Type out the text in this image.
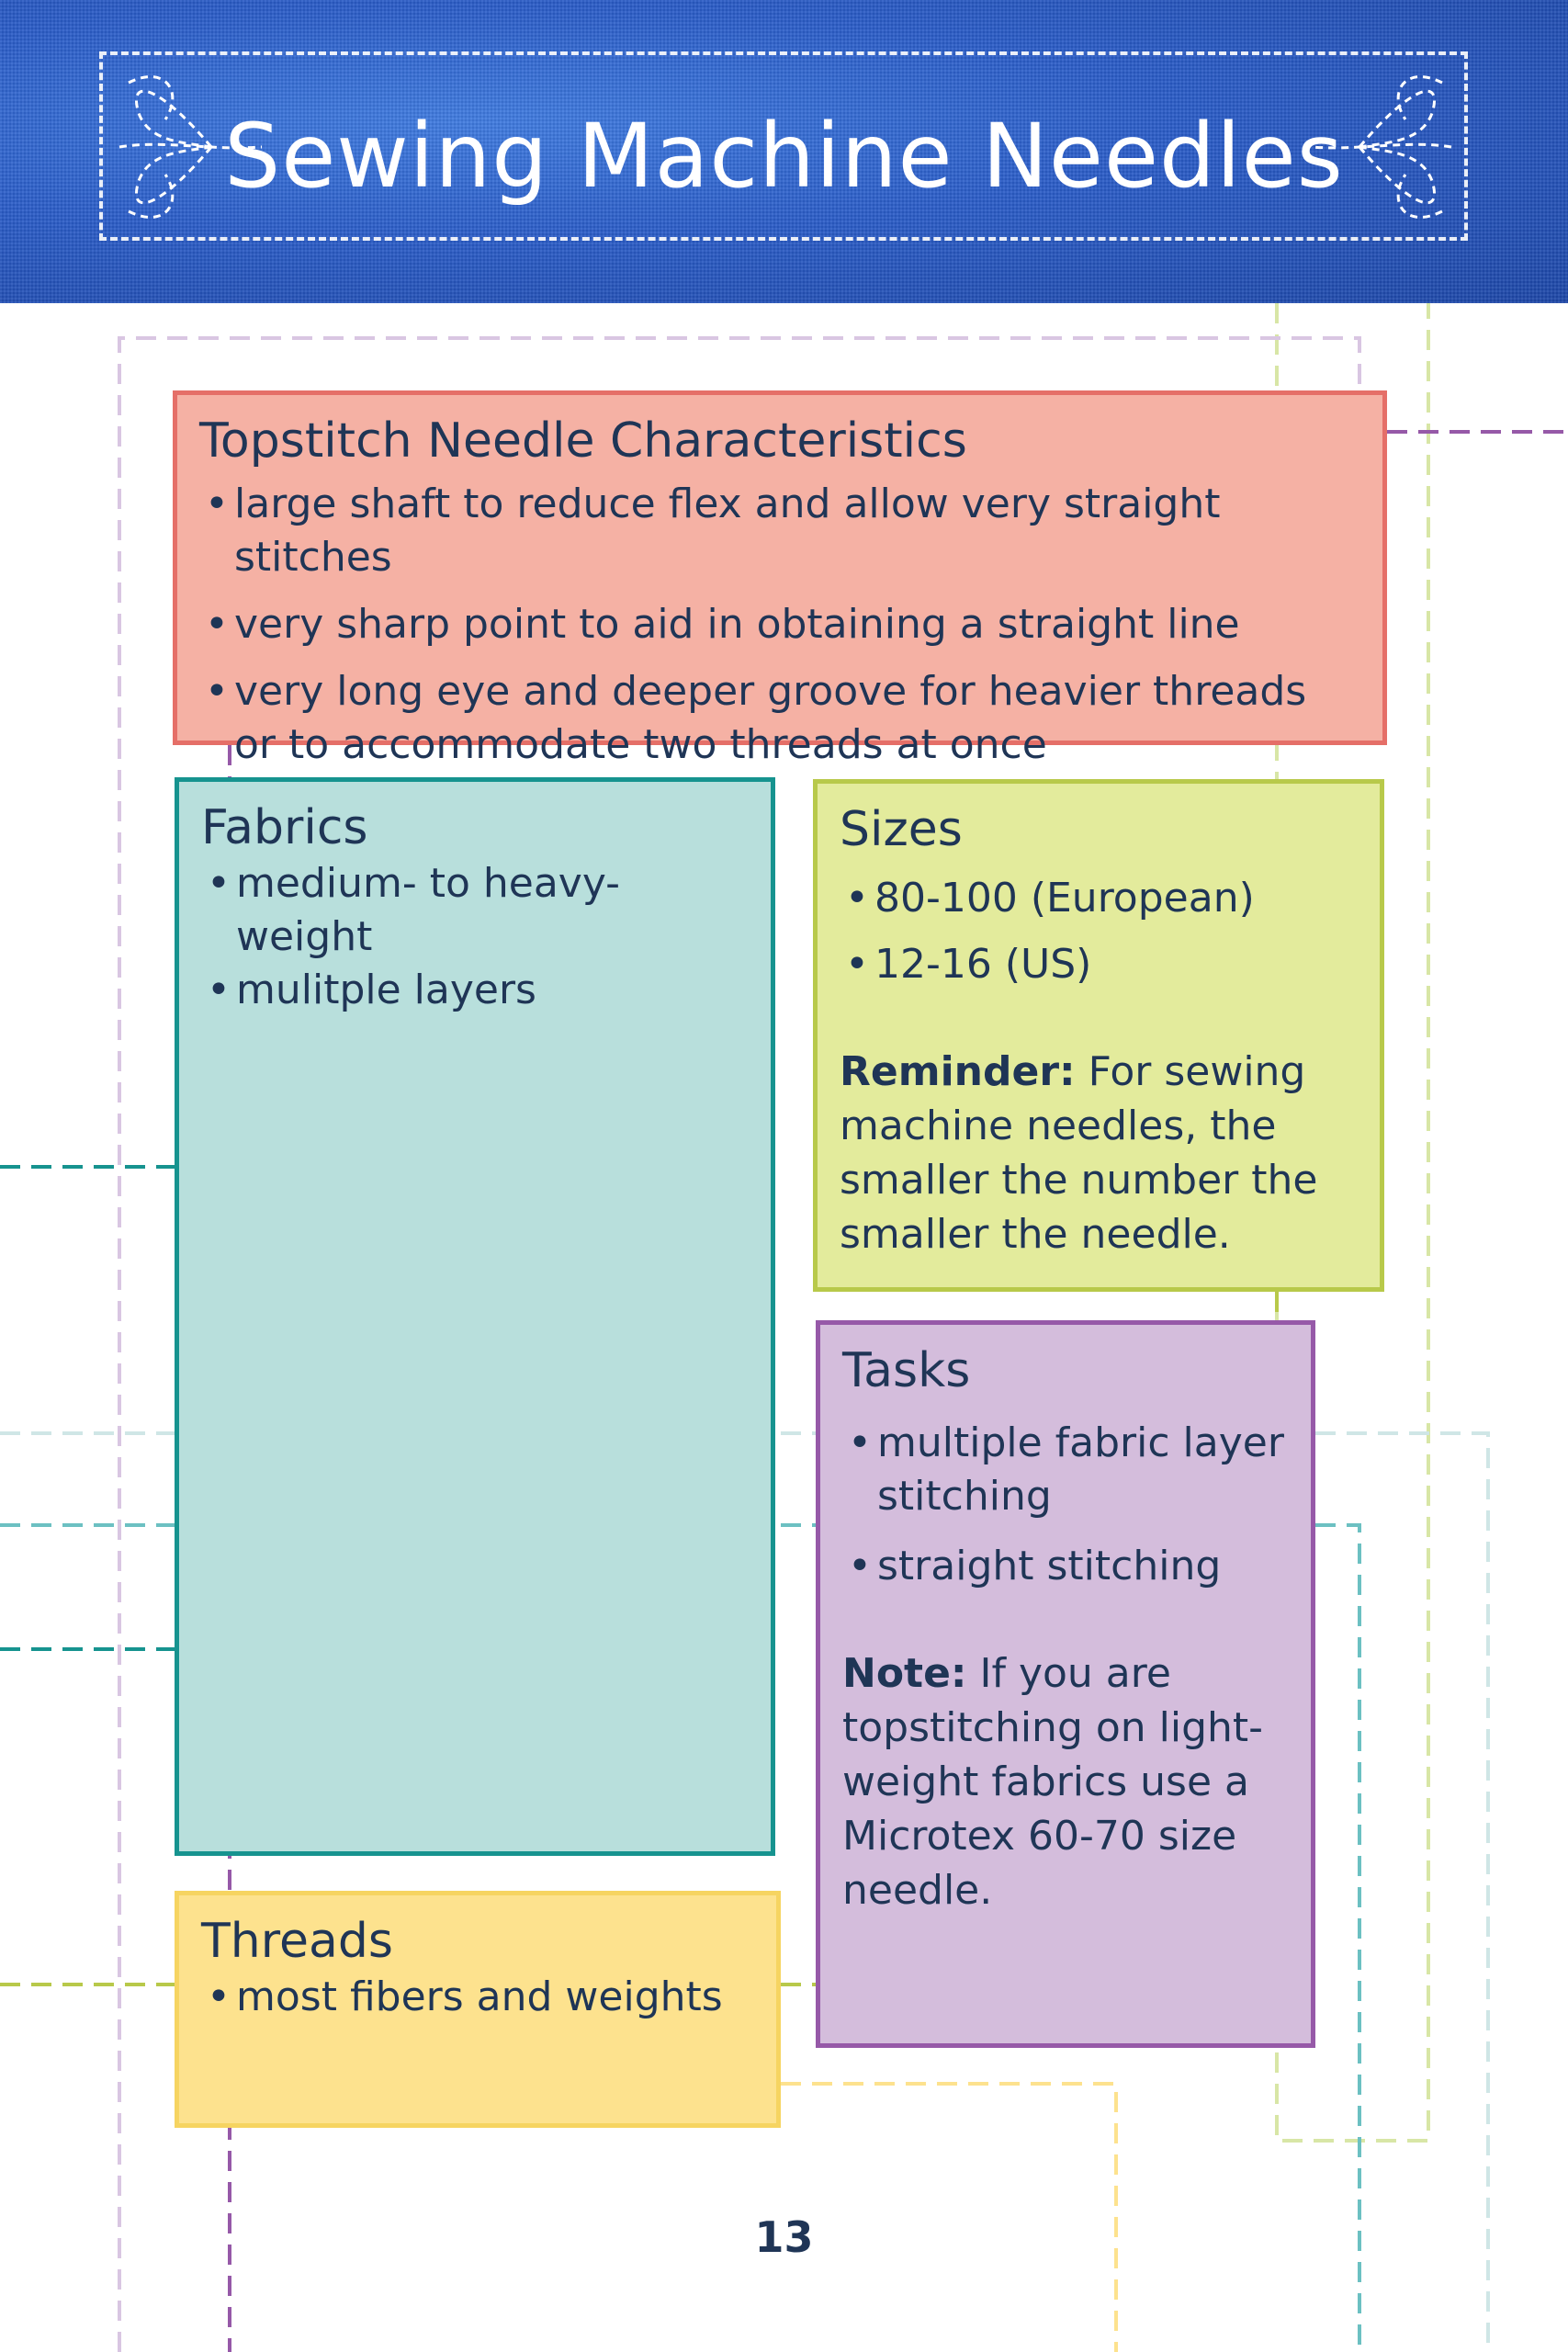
Sewing Machine Needles
Topstitch Needle Characteristics
• large shaft to reduce flex and allow very straight stitches
• very sharp point to aid in obtaining a straight line
• very long eye and deeper groove for heavier threads or to accommodate two threads at once
Fabrics
• medium- to heavy-weight
• mulitple layers
Sizes
• 80-100 (European)
• 12-16 (US)
Reminder: For sewing machine needles, the smaller the number the smaller the needle.
Tasks
• multiple fabric layer stitching
• straight stitching
Note: If you are topstitching on light-weight fabrics use a Microtex 60-70 size needle.
Threads
• most fibers and weights
13
